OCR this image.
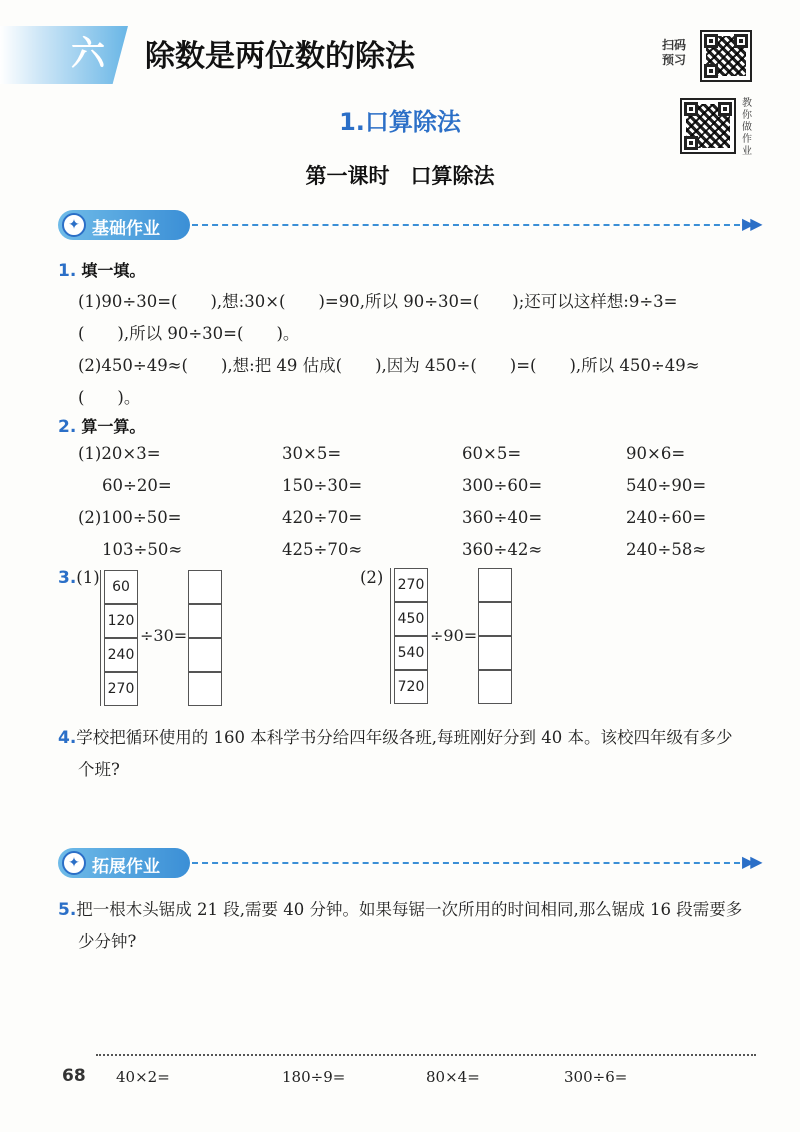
六 除数是两位数的除法	扫码
预习
教你做作业
1.口算除法
第一课时　口算除法
✦ 基础作业	▶▶
1. 填一填。
(1)90÷30=(　　),想:30×(　　)=90,所以 90÷30=(　　);还可以这样想:9÷3=
(　　),所以 90÷30=(　　)。
(2)450÷49≈(　　),想:把 49 估成(　　),因为 450÷(　　)=(　　),所以 450÷49≈
(　　)。
2. 算一算。
(1)20×3=	30×5=	60×5=	90×6=
60÷20=	150÷30=	300÷60=	540÷90=
(2)100÷50=	420÷70=	360÷40=	240÷60=
103÷50≈	425÷70≈	360÷42≈	240÷58≈
3.(1)	(2)
60
120
240
270
270
450
540
720
÷30=	÷90=
4.学校把循环使用的 160 本科学书分给四年级各班,每班刚好分到 40 本。该校四年级有多少
个班?
✦ 拓展作业	▶▶
5.把一根木头锯成 21 段,需要 40 分钟。如果每锯一次所用的时间相同,那么锯成 16 段需要多
少分钟?
68 40×2=	180÷9=	80×4=	300÷6=
